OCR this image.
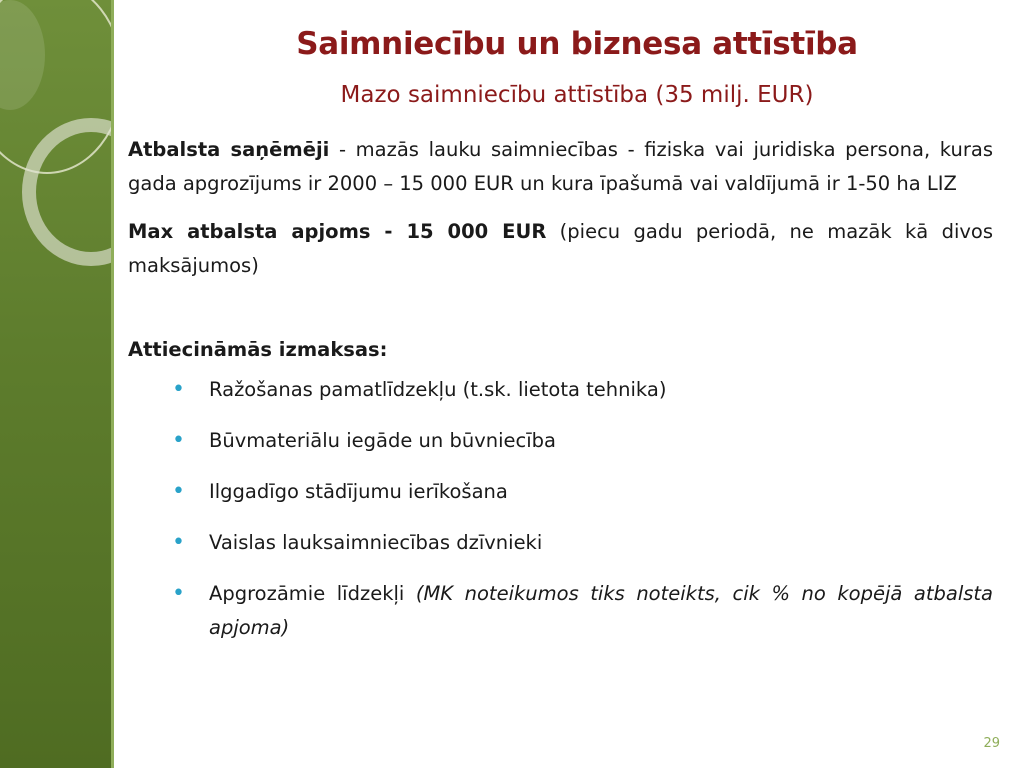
Saimniecību un biznesa attīstība
Mazo saimniecību attīstība (35 milj. EUR)

Atbalsta saņēmēji - mazās lauku saimniecības - fiziska vai juridiska persona, kuras gada apgrozījums ir 2000 – 15 000 EUR un kura īpašumā vai valdījumā ir 1-50 ha LIZ

Max atbalsta apjoms - 15 000 EUR (piecu gadu periodā, ne mazāk kā divos maksājumos)

Attiecināmās izmaksas:
• Ražošanas pamatlīdzekļu (t.sk. lietota tehnika)
• Būvmateriālu iegāde un būvniecība
• Ilggadīgo stādījumu ierīkošana
• Vaislas lauksaimniecības dzīvnieki
• Apgrozāmie līdzekļi (MK noteikumos tiks noteikts, cik % no kopējā atbalsta apjoma)
29
